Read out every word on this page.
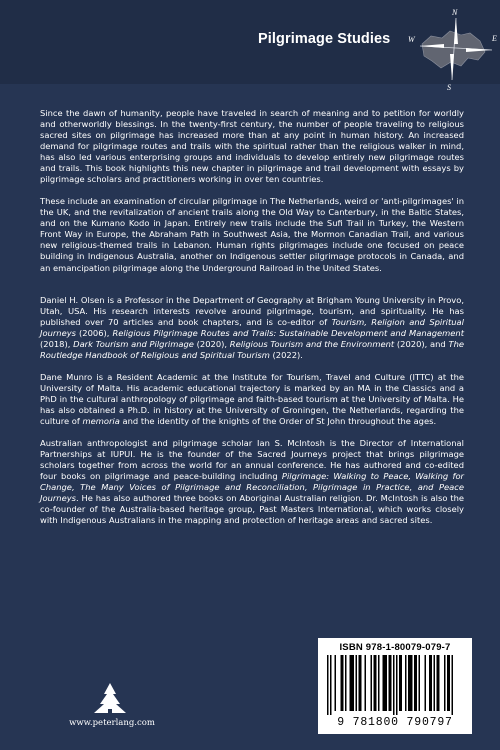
Pilgrimage Studies
N
E
S
W

Since the dawn of humanity, people have traveled in search of meaning and to petition for worldly and otherworldly blessings. In the twenty-first century, the number of people traveling to religious sacred sites on pilgrimage has increased more than at any point in human history. An increased demand for pilgrimage routes and trails with the spiritual rather than the religious walker in mind, has also led various enterprising groups and individuals to develop entirely new pilgrimage routes and trails. This book highlights this new chapter in pilgrimage and trail development with essays by pilgrimage scholars and practitioners working in over ten countries.

These include an examination of circular pilgrimage in The Netherlands, weird or 'anti-pilgrimages' in the UK, and the revitalization of ancient trails along the Old Way to Canterbury, in the Baltic States, and on the Kumano Kodo in Japan. Entirely new trails include the Sufi Trail in Turkey, the Western Front Way in Europe, the Abraham Path in Southwest Asia, the Mormon Canadian Trail, and various new religious-themed trails in Lebanon. Human rights pilgrimages include one focused on peace building in Indigenous Australia, another on Indigenous settler pilgrimage protocols in Canada, and an emancipation pilgrimage along the Underground Railroad in the United States.

Daniel H. Olsen is a Professor in the Department of Geography at Brigham Young University in Provo, Utah, USA. His research interests revolve around pilgrimage, tourism, and spirituality. He has published over 70 articles and book chapters, and is co-editor of Tourism, Religion and Spiritual Journeys (2006), Religious Pilgrimage Routes and Trails: Sustainable Development and Management (2018), Dark Tourism and Pilgrimage (2020), Religious Tourism and the Environment (2020), and The Routledge Handbook of Religious and Spiritual Tourism (2022).

Dane Munro is a Resident Academic at the Institute for Tourism, Travel and Culture (ITTC) at the University of Malta. His academic educational trajectory is marked by an MA in the Classics and a PhD in the cultural anthropology of pilgrimage and faith-based tourism at the University of Malta. He has also obtained a Ph.D. in history at the University of Groningen, the Netherlands, regarding the culture of memoria and the identity of the knights of the Order of St John throughout the ages.

Australian anthropologist and pilgrimage scholar Ian S. McIntosh is the Director of International Partnerships at IUPUI. He is the founder of the Sacred Journeys project that brings pilgrimage scholars together from across the world for an annual conference. He has authored and co-edited four books on pilgrimage and peace-building including Pilgrimage: Walking to Peace, Walking for Change, The Many Voices of Pilgrimage and Reconciliation, Pilgrimage in Practice, and Peace Journeys. He has also authored three books on Aboriginal Australian religion. Dr. McIntosh is also the co-founder of the Australia-based heritage group, Past Masters International, which works closely with Indigenous Australians in the mapping and protection of heritage areas and sacred sites.

www.peterlang.com
ISBN 978-1-80079-079-7
9 781800 790797
